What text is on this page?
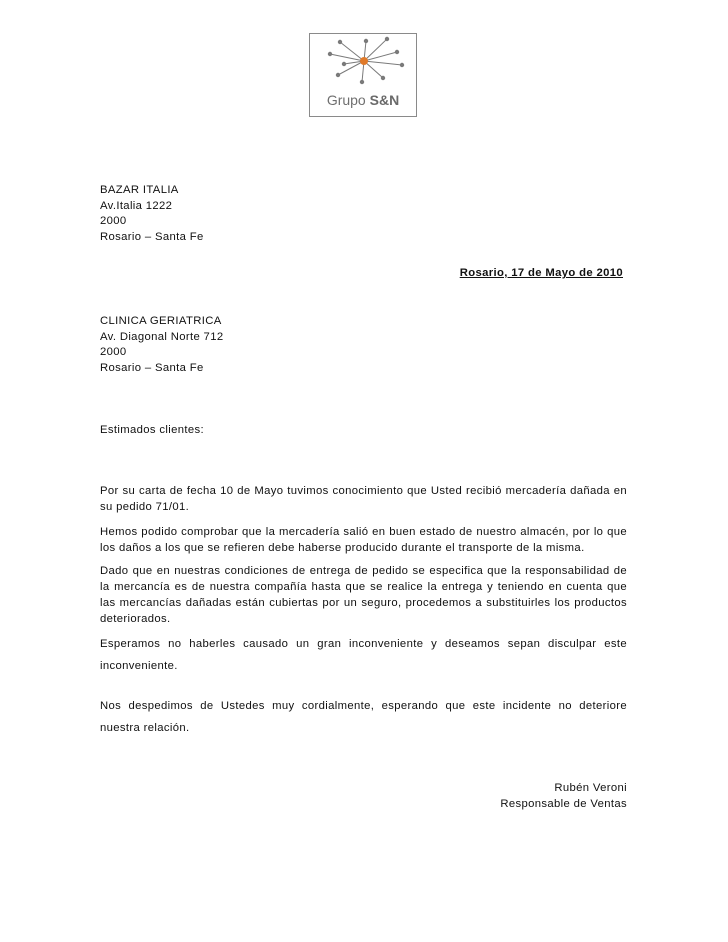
Grupo S&N
BAZAR ITALIA
Av.Italia 1222
2000
Rosario – Santa Fe
Rosario, 17 de Mayo de 2010
CLINICA GERIATRICA
Av. Diagonal Norte 712
2000
Rosario – Santa Fe
Estimados clientes:
Por su carta de fecha 10 de Mayo tuvimos conocimiento que Usted recibió mercadería dañada en su pedido 71/01.
Hemos podido comprobar que la mercadería salió en buen estado de nuestro almacén, por lo que los daños a los que se refieren debe haberse producido durante el transporte de la misma.
Dado que en nuestras condiciones de entrega de pedido se especifica que la responsabilidad de la mercancía es de nuestra compañía hasta que se realice la entrega y teniendo en cuenta que las mercancías dañadas están cubiertas por un seguro, procedemos a substituirles los productos deteriorados.
Esperamos no haberles causado un gran inconveniente y deseamos sepan disculpar este inconveniente.
Nos despedimos de Ustedes muy cordialmente, esperando que este incidente no deteriore nuestra relación.
Rubén Veroni
Responsable de Ventas
